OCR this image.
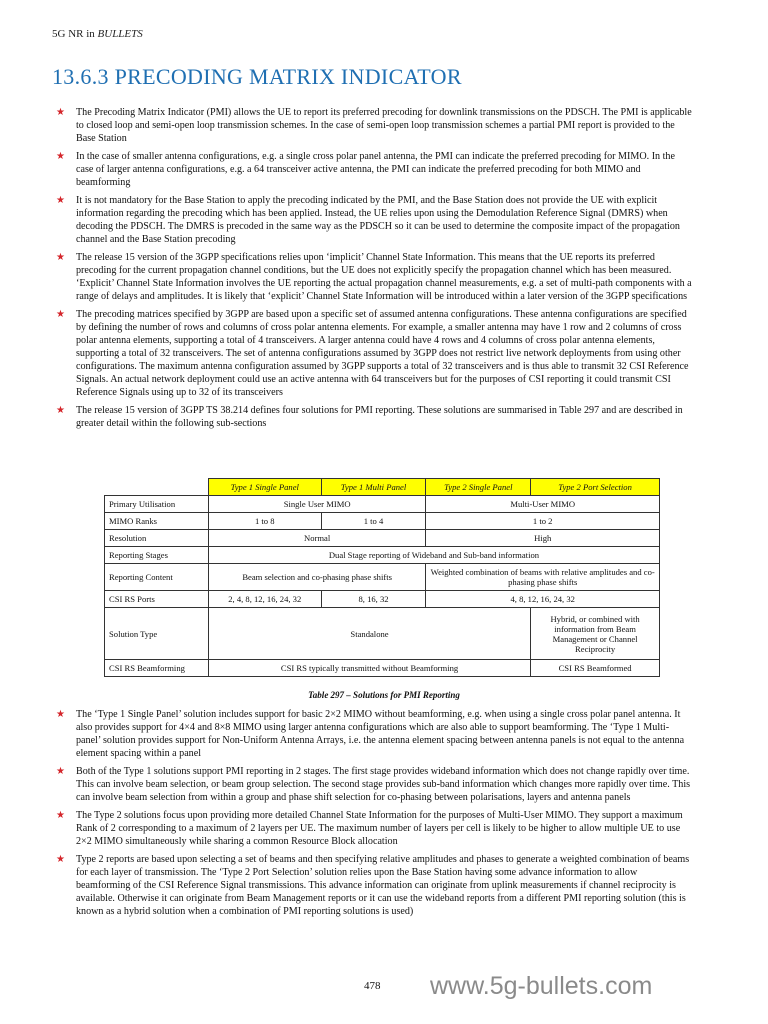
5G NR in BULLETS
13.6.3 PRECODING MATRIX INDICATOR
★ The Precoding Matrix Indicator (PMI) allows the UE to report its preferred precoding for downlink transmissions on the PDSCH. The PMI is applicable to closed loop and semi-open loop transmission schemes. In the case of semi-open loop transmission schemes a partial PMI report is provided to the Base Station
★ In the case of smaller antenna configurations, e.g. a single cross polar panel antenna, the PMI can indicate the preferred precoding for MIMO. In the case of larger antenna configurations, e.g. a 64 transceiver active antenna, the PMI can indicate the preferred precoding for both MIMO and beamforming
★ It is not mandatory for the Base Station to apply the precoding indicated by the PMI, and the Base Station does not provide the UE with explicit information regarding the precoding which has been applied. Instead, the UE relies upon using the Demodulation Reference Signal (DMRS) when decoding the PDSCH. The DMRS is precoded in the same way as the PDSCH so it can be used to determine the composite impact of the propagation channel and the Base Station precoding
★ The release 15 version of the 3GPP specifications relies upon ‘implicit’ Channel State Information. This means that the UE reports its preferred precoding for the current propagation channel conditions, but the UE does not explicitly specify the propagation channel which has been measured. ‘Explicit’ Channel State Information involves the UE reporting the actual propagation channel measurements, e.g. a set of multi-path components with a range of delays and amplitudes. It is likely that ‘explicit’ Channel State Information will be introduced within a later version of the 3GPP specifications
★ The precoding matrices specified by 3GPP are based upon a specific set of assumed antenna configurations. These antenna configurations are specified by defining the number of rows and columns of cross polar antenna elements. For example, a smaller antenna may have 1 row and 2 columns of cross polar antenna elements, supporting a total of 4 transceivers. A larger antenna could have 4 rows and 4 columns of cross polar antenna elements, supporting a total of 32 transceivers. The set of antenna configurations assumed by 3GPP does not restrict live network deployments from using other configurations. The maximum antenna configuration assumed by 3GPP supports a total of 32 transceivers and is thus able to transmit 32 CSI Reference Signals. An actual network deployment could use an active antenna with 64 transceivers but for the purposes of CSI reporting it could transmit CSI Reference Signals using up to 32 of its transceivers
★ The release 15 version of 3GPP TS 38.214 defines four solutions for PMI reporting. These solutions are summarised in Table 297 and are described in greater detail within the following sub-sections
	Type 1 Single Panel	Type 1 Multi Panel	Type 2 Single Panel	Type 2 Port Selection
Primary Utilisation	Single User MIMO		Multi-User MIMO	
MIMO Ranks	1 to 8	1 to 4	1 to 2	
Resolution	Normal		High	
Reporting Stages	Dual Stage reporting of Wideband and Sub-band information			
Reporting Content	Beam selection and co-phasing phase shifts		Weighted combination of beams with relative amplitudes and co-phasing phase shifts	
CSI RS Ports	2, 4, 8, 12, 16, 24, 32	8, 16, 32	4, 8, 12, 16, 24, 32	
Solution Type	Standalone			Hybrid, or combined with information from Beam Management or Channel Reciprocity
CSI RS Beamforming	CSI RS typically transmitted without Beamforming			CSI RS Beamformed
Table 297 – Solutions for PMI Reporting
★ The ‘Type 1 Single Panel’ solution includes support for basic 2×2 MIMO without beamforming, e.g. when using a single cross polar panel antenna. It also provides support for 4×4 and 8×8 MIMO using larger antenna configurations which are also able to support beamforming. The ‘Type 1 Multi-panel’ solution provides support for Non-Uniform Antenna Arrays, i.e. the antenna element spacing between antenna panels is not equal to the antenna element spacing within a panel
★ Both of the Type 1 solutions support PMI reporting in 2 stages. The first stage provides wideband information which does not change rapidly over time. This can involve beam selection, or beam group selection. The second stage provides sub-band information which changes more rapidly over time. This can involve beam selection from within a group and phase shift selection for co-phasing between polarisations, layers and antenna panels
★ The Type 2 solutions focus upon providing more detailed Channel State Information for the purposes of Multi-User MIMO. They support a maximum Rank of 2 corresponding to a maximum of 2 layers per UE. The maximum number of layers per cell is likely to be higher to allow multiple UE to use 2×2 MIMO simultaneously while sharing a common Resource Block allocation
★ Type 2 reports are based upon selecting a set of beams and then specifying relative amplitudes and phases to generate a weighted combination of beams for each layer of transmission. The ‘Type 2 Port Selection’ solution relies upon the Base Station having some advance information to allow beamforming of the CSI Reference Signal transmissions. This advance information can originate from uplink measurements if channel reciprocity is available. Otherwise it can originate from Beam Management reports or it can use the wideband reports from a different PMI reporting solution (this is known as a hybrid solution when a combination of PMI reporting solutions is used)
478 www.5g-bullets.com
